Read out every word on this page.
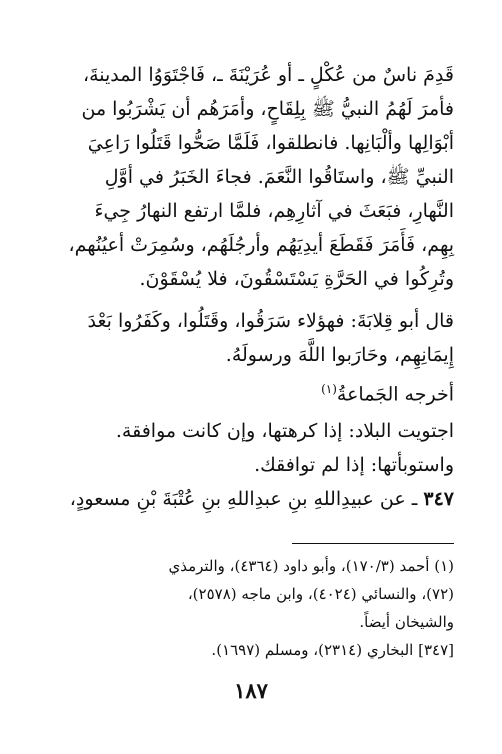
قَدِمَ ناسٌ من عُكْلٍ ـ أو عُرَيْنَةَ ـ، فَاجْتَوَوُا المدينةَ،
فأمرَ لَهُمُ النبيُّ ﷺ بِلِقَاحٍ، وأمَرَهُم أن يَشْرَبُوا من
أبْوَالِها وألْبَانِها. فانطلقوا، فَلَمَّا صَحُّوا قَتَلُوا رَاعِيَ
النبيِّ ﷺ، واستَاقُوا النَّعَمَ. فجاءَ الخَبَرُ في أوَّلِ
النَّهارِ، فبَعَثَ في آثارِهِم، فلمَّا ارتفع النهارُ جِيءَ
بِهِم، فَأَمَرَ فَقَطَعَ أيدِيَهُم وأرجُلَهُم، وسُمِرَتْ أعيُنُهم،
وتُرِكُوا في الحَرَّةِ يَسْتَسْقُونَ، فلا يُسْقَوْنَ.
قال أبو قِلابَةَ: فهؤلاء سَرَقُوا، وقَتَلُوا، وكَفَرُوا بَعْدَ
إِيمَانِهِم، وحَارَبوا اللَّهَ ورسولَهُ.
أخرجه الجَماعةُ$^{(١)}$
اجتويت البلاد: إذا كرهتها، وإن كانت موافقة.
واستوبأتها: إذا لم توافقك.
٣٤٧ ـ عن عبيدِاللهِ بنِ عبدِاللهِ بنِ عُتْبَةَ بْنِ مسعودٍ،
(١) أحمد (١٧٠/٣)، وأبو داود (٤٣٦٤)، والترمذي
(٧٢)، والنسائي (٤٠٢٤)، وابن ماجه (٢٥٧٨)،
والشيخان أيضاً.
[٣٤٧] البخاري (٢٣١٤)، ومسلم (١٦٩٧).
١٨٧
